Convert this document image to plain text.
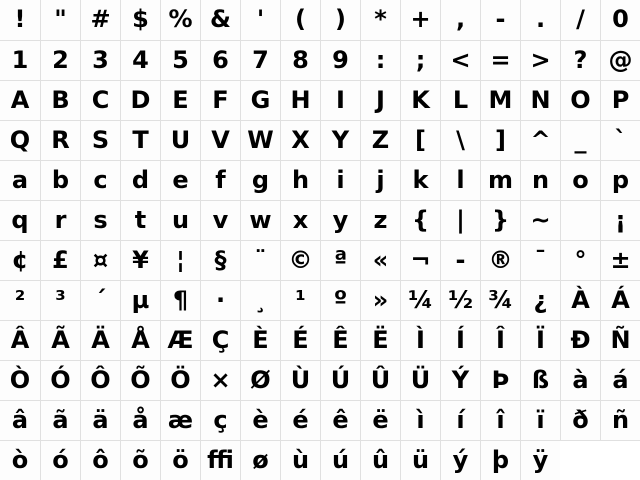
!	" # $ % &	'	(	)	* +	,	-	.	/	0
1 2 3 4 5 6 7 8 9	:	;	< = > ? @
A B C D E F G H	I	J	K L M N O P
Q R S T U V W X Y Z	[	\	]	^ _	`
a b	c	d e	f	g h	i	j	k	l m n o p
q	r	s	t	u v w x	y	z	{	|	} ~	¡
¢ £	¤	¥	¦	§	¨ © ª	« ¬	- ® ¯	° ±
²	³	´	µ ¶	·	¸	¹	º	» ¼ ½ ¾ ¿ À Á
Â Ã Ä Å Æ Ç È É Ê Ë	Ì	Í	Î	Ï	Ð Ñ
Ò Ó Ô Õ Ö × Ø Ù Ú Û Ü Ý Þ ß à á
â	ã ä å æ ç	è é ê ë	ì	í	î	ï	ð ñ
ò	ó ô õ ö ffi ø ù ú û ü ý þ ÿ
